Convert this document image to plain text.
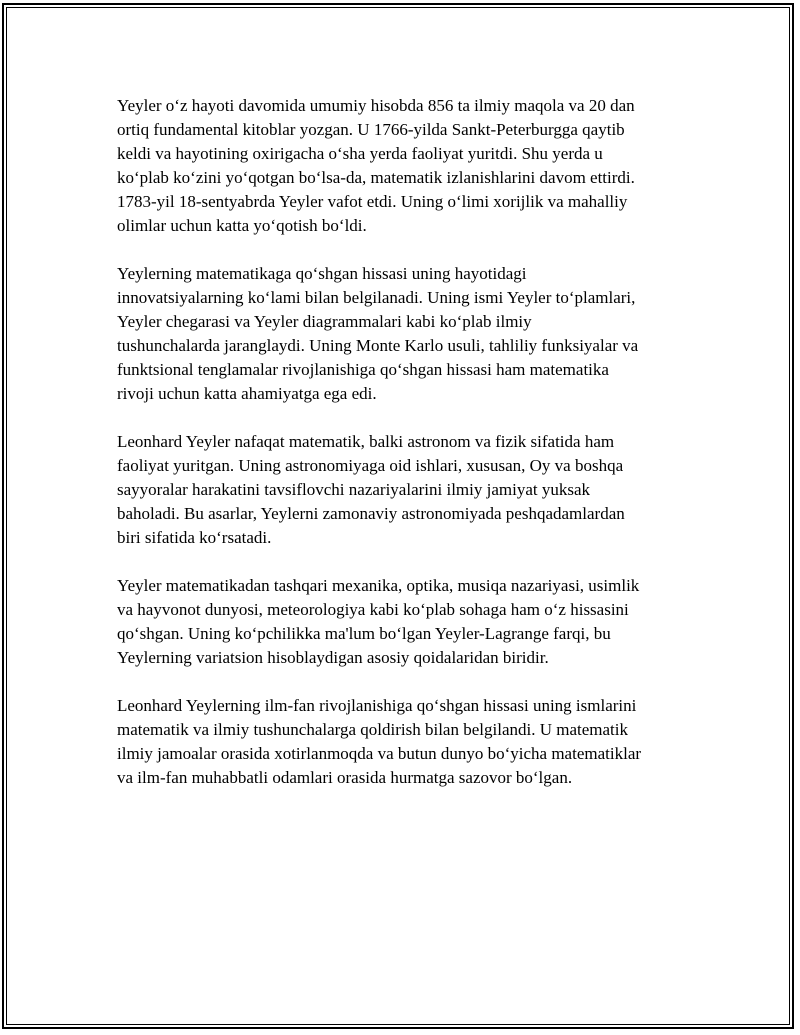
Yeyler oʻz hayoti davomida umumiy hisobda 856 ta ilmiy maqola va 20 dan
ortiq fundamental kitoblar yozgan. U 1766-yilda Sankt-Peterburgga qaytib
keldi va hayotining oxirigacha oʻsha yerda faoliyat yuritdi. Shu yerda u
koʻplab koʻzini yoʻqotgan boʻlsa-da, matematik izlanishlarini davom ettirdi.
1783-yil 18-sentyabrda Yeyler vafot etdi. Uning oʻlimi xorijlik va mahalliy
olimlar uchun katta yoʻqotish boʻldi.

Yeylerning matematikaga qoʻshgan hissasi uning hayotidagi
innovatsiyalarning koʻlami bilan belgilanadi. Uning ismi Yeyler toʻplamlari,
Yeyler chegarasi va Yeyler diagrammalari kabi koʻplab ilmiy
tushunchalarda jaranglaydi. Uning Monte Karlo usuli, tahliliy funksiyalar va
funktsional tenglamalar rivojlanishiga qoʻshgan hissasi ham matematika
rivoji uchun katta ahamiyatga ega edi.

Leonhard Yeyler nafaqat matematik, balki astronom va fizik sifatida ham
faoliyat yuritgan. Uning astronomiyaga oid ishlari, xususan, Oy va boshqa
sayyoralar harakatini tavsiflovchi nazariyalarini ilmiy jamiyat yuksak
baholadi. Bu asarlar, Yeylerni zamonaviy astronomiyada peshqadamlardan
biri sifatida koʻrsatadi.

Yeyler matematikadan tashqari mexanika, optika, musiqa nazariyasi, usimlik
va hayvonot dunyosi, meteorologiya kabi koʻplab sohaga ham oʻz hissasini
qoʻshgan. Uning koʻpchilikka ma'lum boʻlgan Yeyler-Lagrange farqi, bu
Yeylerning variatsion hisoblaydigan asosiy qoidalaridan biridir.

Leonhard Yeylerning ilm-fan rivojlanishiga qoʻshgan hissasi uning ismlarini
matematik va ilmiy tushunchalarga qoldirish bilan belgilandi. U matematik
ilmiy jamoalar orasida xotirlanmoqda va butun dunyo boʻyicha matematiklar
va ilm-fan muhabbatli odamlari orasida hurmatga sazovor boʻlgan.
